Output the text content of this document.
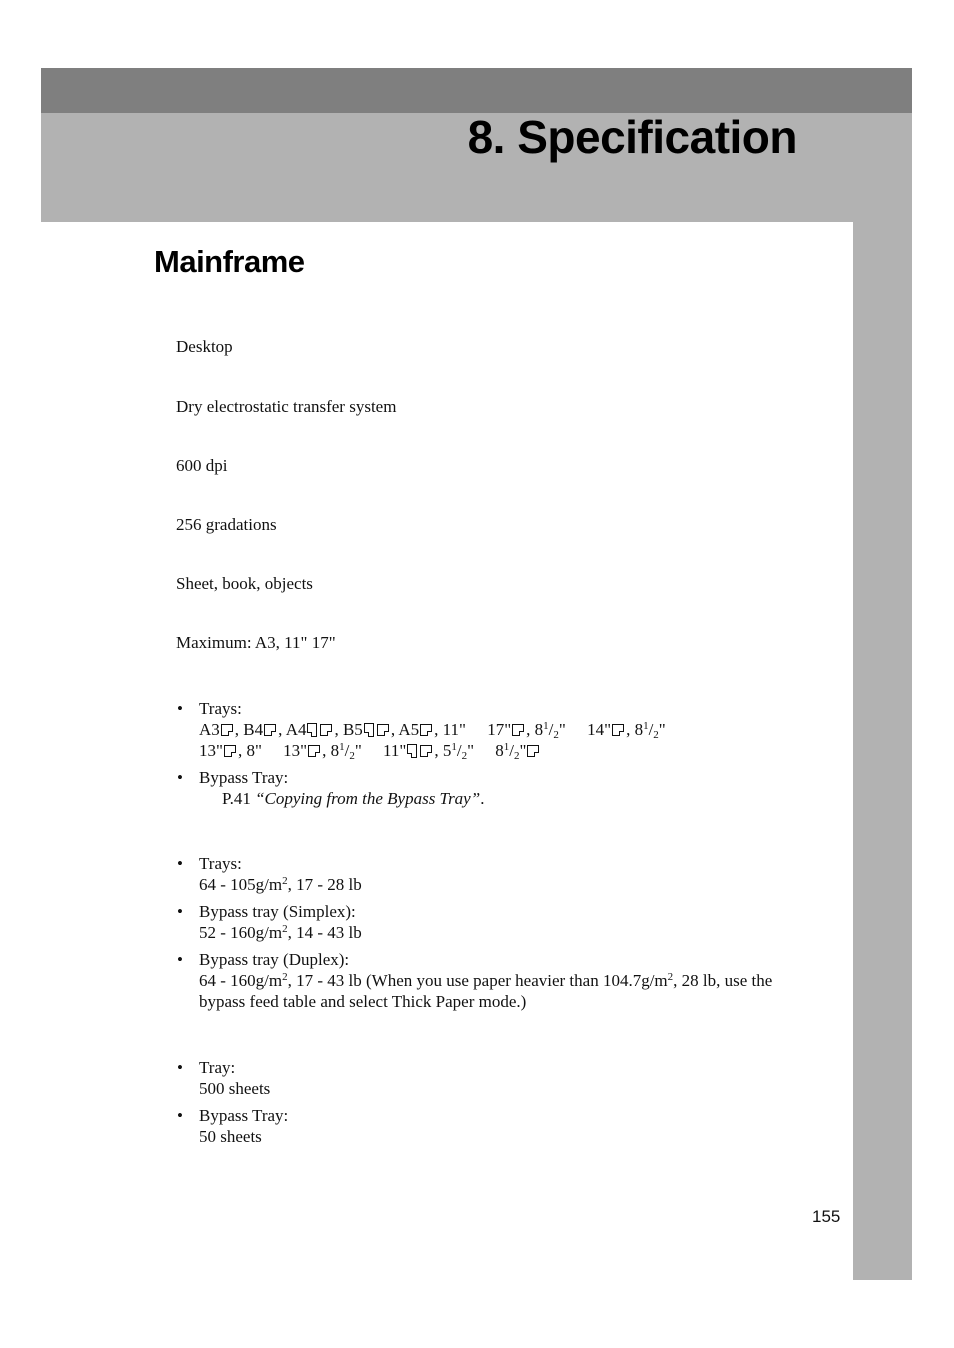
8. Specification
Mainframe
Desktop
Dry electrostatic transfer system
600 dpi
256 gradations
Sheet, book, objects
Maximum: A3, 11" 17"
• Trays:
A3 , B4 , A4 , B5 , A5 , 11" 17" , $8^1/_2$" 14" , $8^1/_2$"
13" , 8" 13" , $8^1/_2$" 11" , $5^1/_2$" $8^1/_2$"
• Bypass Tray:
P.41 “Copying from the Bypass Tray”.
• Trays:
$64 - 105g/m^2$, 17 - 28 lb
• Bypass tray (Simplex):
$52 - 160g/m^2$, 14 - 43 lb
• Bypass tray (Duplex):
$64 - 160g/m^2$, 17 - 43 lb (When you use paper heavier than $104.7g/m^2$, 28 lb, use the bypass feed table and select Thick Paper mode.)
• Tray:
500 sheets
• Bypass Tray:
50 sheets
155
